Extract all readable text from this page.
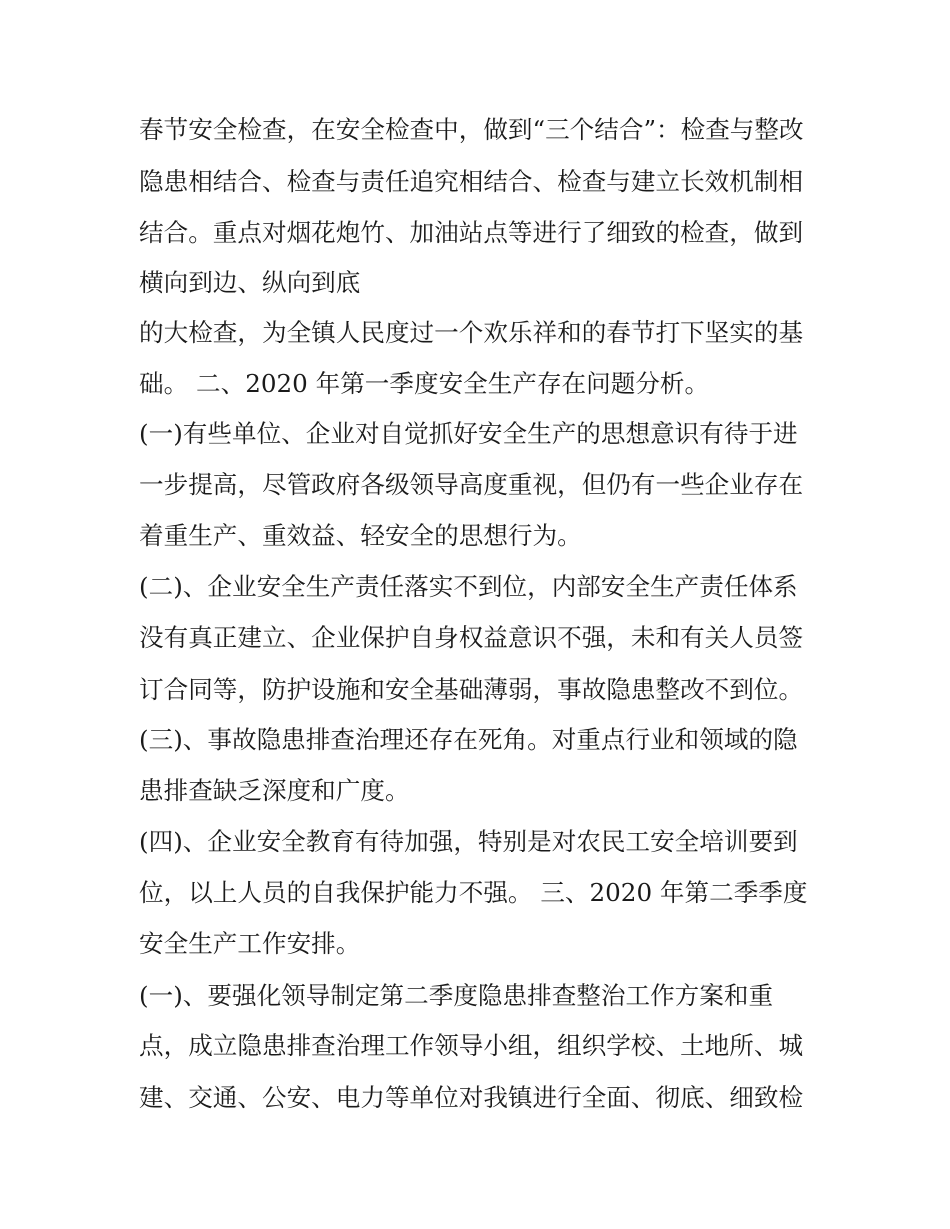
春节安全检查，在安全检查中，做到“三个结合”：检查与整改
隐患相结合、检查与责任追究相结合、检查与建立长效机制相
结合。重点对烟花炮竹、加油站点等进行了细致的检查，做到
横向到边、纵向到底
的大检查，为全镇人民度过一个欢乐祥和的春节打下坚实的基
础。 二、2020 年第一季度安全生产存在问题分析。
(一)有些单位、企业对自觉抓好安全生产的思想意识有待于进
一步提高，尽管政府各级领导高度重视，但仍有一些企业存在
着重生产、重效益、轻安全的思想行为。
(二)、企业安全生产责任落实不到位，内部安全生产责任体系
没有真正建立、企业保护自身权益意识不强，未和有关人员签
订合同等，防护设施和安全基础薄弱，事故隐患整改不到位。
(三)、事故隐患排查治理还存在死角。对重点行业和领域的隐
患排查缺乏深度和广度。
(四)、企业安全教育有待加强，特别是对农民工安全培训要到
位，以上人员的自我保护能力不强。 三、2020 年第二季季度
安全生产工作安排。
(一)、要强化领导制定第二季度隐患排查整治工作方案和重
点，成立隐患排查治理工作领导小组，组织学校、土地所、城
建、交通、公安、电力等单位对我镇进行全面、彻底、细致检
